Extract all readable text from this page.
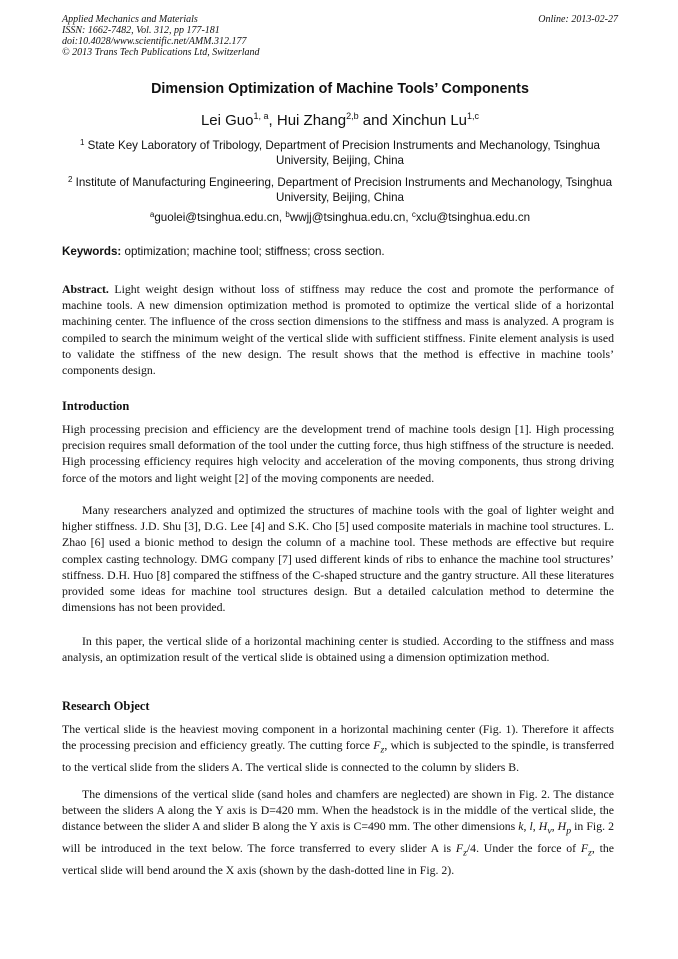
Applied Mechanics and Materials
ISSN: 1662-7482, Vol. 312, pp 177-181
doi:10.4028/www.scientific.net/AMM.312.177
© 2013 Trans Tech Publications Ltd, Switzerland
Online: 2013-02-27
Dimension Optimization of Machine Tools’ Components
Lei Guo$^{1, a}$, Hui Zhang$^{2,b}$ and Xinchun Lu$^{1,c}$
$^1$ State Key Laboratory of Tribology, Department of Precision Instruments and Mechanology, Tsinghua University, Beijing, China
$^2$ Institute of Manufacturing Engineering, Department of Precision Instruments and Mechanology, Tsinghua University, Beijing, China
$^a$guolei@tsinghua.edu.cn, $^b$wwjj@tsinghua.edu.cn, $^c$xclu@tsinghua.edu.cn
Keywords: optimization; machine tool; stiffness; cross section.

Abstract. Light weight design without loss of stiffness may reduce the cost and promote the performance of machine tools. A new dimension optimization method is promoted to optimize the vertical slide of a horizontal machining center. The influence of the cross section dimensions to the stiffness and mass is analyzed. A program is compiled to search the minimum weight of the vertical slide with sufficient stiffness. Finite element analysis is used to validate the stiffness of the new design. The result shows that the method is effective in machine tools’ components design.

Introduction

High processing precision and efficiency are the development trend of machine tools design [1]. High processing precision requires small deformation of the tool under the cutting force, thus high stiffness of the structure is needed. High processing efficiency requires high velocity and acceleration of the moving components, thus strong driving force of the motors and light weight [2] of the moving components are needed.

Many researchers analyzed and optimized the structures of machine tools with the goal of lighter weight and higher stiffness. J.D. Shu [3], D.G. Lee [4] and S.K. Cho [5] used composite materials in machine tool structures. L. Zhao [6] used a bionic method to design the column of a machine tool. These methods are effective but require complex casting technology. DMG company [7] used different kinds of ribs to enhance the machine tool structures’ stiffness. D.H. Huo [8] compared the stiffness of the C-shaped structure and the gantry structure. All these literatures provided some ideas for machine tool structures design. But a detailed calculation method to determine the dimensions has not been provided.

In this paper, the vertical slide of a horizontal machining center is studied. According to the stiffness and mass analysis, an optimization result of the vertical slide is obtained using a dimension optimization method.

Research Object

The vertical slide is the heaviest moving component in a horizontal machining center (Fig. 1). Therefore it affects the processing precision and efficiency greatly. The cutting force $F_z$, which is subjected to the spindle, is transferred to the vertical slide from the sliders A. The vertical slide is connected to the column by sliders B.

The dimensions of the vertical slide (sand holes and chamfers are neglected) are shown in Fig. 2. The distance between the sliders A along the Y axis is D=420 mm. When the headstock is in the middle of the vertical slide, the distance between the slider A and slider B along the Y axis is C=490 mm. The other dimensions k, l, $H_v$, $H_p$ in Fig. 2 will be introduced in the text below. The force transferred to every slider A is $F_z/4$. Under the force of $F_z$, the vertical slide will bend around the X axis (shown by the dash-dotted line in Fig. 2).
